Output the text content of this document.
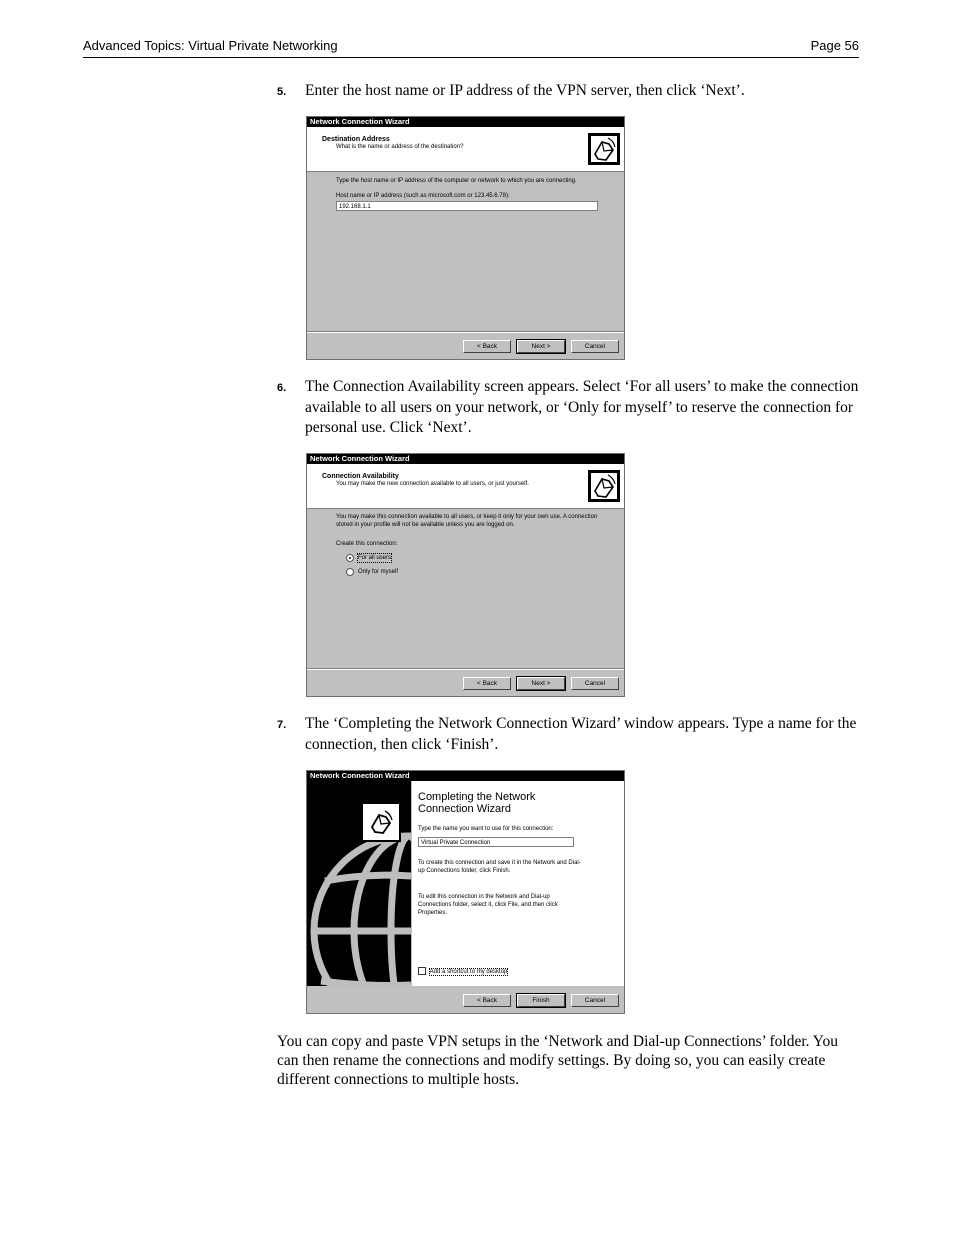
Advanced Topics: Virtual Private Networking	Page 56
5. Enter the host name or IP address of the VPN server, then click ‘Next’.
Network Connection Wizard
Destination Address
What is the name or address of the destination?
Type the host name or IP address of the computer or network to which you are connecting.
Host name or IP address (such as microsoft.com or 123.45.6.78):
192.168.1.1
< Back	Next >	Cancel
6. The Connection Availability screen appears. Select ‘For all users’ to make the connection available to all users on your network, or ‘Only for myself’ to reserve the connection for personal use. Click ‘Next’.
Network Connection Wizard
Connection Availability
You may make the new connection available to all users, or just yourself.
You may make this connection available to all users, or keep it only for your own use. A connection stored in your profile will not be available unless you are logged on.
Create this connection:
For all users
Only for myself
< Back	Next >	Cancel
7. The ‘Completing the Network Connection Wizard’ window appears. Type a name for the connection, then click ‘Finish’.
Network Connection Wizard
Completing the Network Connection Wizard
Type the name you want to use for this connection:
Virtual Private Connection
To create this connection and save it in the Network and Dial-up Connections folder, click Finish.
To edit this connection in the Network and Dial-up Connections folder, select it, click File, and then click Properties.
Add a shortcut to my desktop
< Back	Finish	Cancel
You can copy and paste VPN setups in the ‘Network and Dial-up Connections’ folder. You can then rename the connections and modify settings. By doing so, you can easily create different connections to multiple hosts.
